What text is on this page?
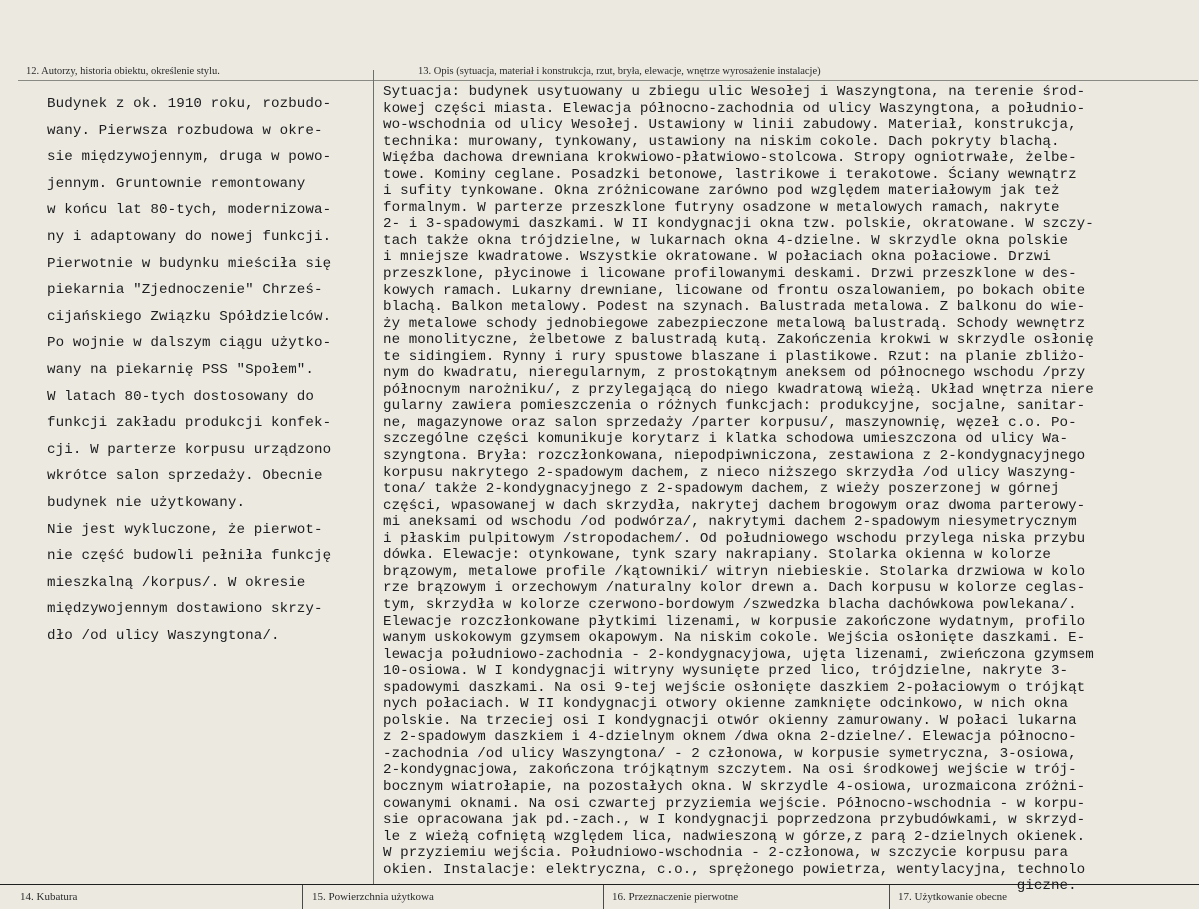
12. Autorzy, historia obiektu, określenie stylu.	13. Opis (sytuacja, materiał i konstrukcja, rzut, bryła, elewacje, wnętrze wyrosażenie instalacje)
Budynek z ok. 1910 roku, rozbudo-
wany. Pierwsza rozbudowa w okre-
sie międzywojennym, druga w powo-
jennym. Gruntownie remontowany
w końcu lat 80-tych, modernizowa-
ny i adaptowany do nowej funkcji.
Pierwotnie w budynku mieściła się
piekarnia "Zjednoczenie" Chrześ-
cijańskiego Związku Spółdzielców.
Po wojnie w dalszym ciągu użytko-
wany na piekarnię PSS "Społem".
W latach 80-tych dostosowany do
funkcji zakładu produkcji konfek-
cji. W parterze korpusu urządzono
wkrótce salon sprzedaży. Obecnie
budynek nie użytkowany.
Nie jest wykluczone, że pierwot-
nie część budowli pełniła funkcję
mieszkalną /korpus/. W okresie
międzywojennym dostawiono skrzy-
dło /od ulicy Waszyngtona/.
Sytuacja: budynek usytuowany u zbiegu ulic Wesołej i Waszyngtona, na terenie środ-
kowej części miasta. Elewacja północno-zachodnia od ulicy Waszyngtona, a południo-
wo-wschodnia od ulicy Wesołej. Ustawiony w linii zabudowy. Materiał, konstrukcja,
technika: murowany, tynkowany, ustawiony na niskim cokole. Dach pokryty blachą.
Więźba dachowa drewniana krokwiowo-płatwiowo-stolcowa. Stropy ogniotrwałe, żelbe-
towe. Kominy ceglane. Posadzki betonowe, lastrikowe i terakotowe. Ściany wewnątrz
i sufity tynkowane. Okna zróżnicowane zarówno pod względem materiałowym jak też
formalnym. W parterze przeszklone futryny osadzone w metalowych ramach, nakryte
2- i 3-spadowymi daszkami. W II kondygnacji okna tzw. polskie, okratowane. W szczy-
tach także okna trójdzielne, w lukarnach okna 4-dzielne. W skrzydle okna polskie
i mniejsze kwadratowe. Wszystkie okratowane. W połaciach okna połaciowe. Drzwi
przeszklone, płycinowe i licowane profilowanymi deskami. Drzwi przeszklone w des-
kowych ramach. Lukarny drewniane, licowane od frontu oszalowaniem, po bokach obite
blachą. Balkon metalowy. Podest na szynach. Balustrada metalowa. Z balkonu do wie-
ży metalowe schody jednobiegowe zabezpieczone metalową balustradą. Schody wewnętrz
ne monolityczne, żelbetowe z balustradą kutą. Zakończenia krokwi w skrzydle osłonię
te sidingiem. Rynny i rury spustowe blaszane i plastikowe. Rzut: na planie zbliżo-
nym do kwadratu, nieregularnym, z prostokątnym aneksem od północnego wschodu /przy
północnym narożniku/, z przylegającą do niego kwadratową wieżą. Układ wnętrza niere
gularny zawiera pomieszczenia o różnych funkcjach: produkcyjne, socjalne, sanitar-
ne, magazynowe oraz salon sprzedaży /parter korpusu/, maszynownię, węzeł c.o. Po-
szczególne części komunikuje korytarz i klatka schodowa umieszczona od ulicy Wa-
szyngtona. Bryła: rozczłonkowana, niepodpiwniczona, zestawiona z 2-kondygnacyjnego
korpusu nakrytego 2-spadowym dachem, z nieco niższego skrzydła /od ulicy Waszyng-
tona/ także 2-kondygnacyjnego z 2-spadowym dachem, z wieży poszerzonej w górnej
części, wpasowanej w dach skrzydła, nakrytej dachem brogowym oraz dwoma parterowy-
mi aneksami od wschodu /od podwórza/, nakrytymi dachem 2-spadowym niesymetrycznym
i płaskim pulpitowym /stropodachem/. Od południowego wschodu przylega niska przybu
dówka. Elewacje: otynkowane, tynk szary nakrapiany. Stolarka okienna w kolorze
brązowym, metalowe profile /kątowniki/ witryn niebieskie. Stolarka drzwiowa w kolo
rze brązowym i orzechowym /naturalny kolor drewn a. Dach korpusu w kolorze ceglas-
tym, skrzydła w kolorze czerwono-bordowym /szwedzka blacha dachówkowa powlekana/.
Elewacje rozczłonkowane płytkimi lizenami, w korpusie zakończone wydatnym, profilo
wanym uskokowym gzymsem okapowym. Na niskim cokole. Wejścia osłonięte daszkami. E-
lewacja południowo-zachodnia - 2-kondygnacyjowa, ujęta lizenami, zwieńczona gzymsem
10-osiowa. W I kondygnacji witryny wysunięte przed lico, trójdzielne, nakryte 3-
spadowymi daszkami. Na osi 9-tej wejście osłonięte daszkiem 2-połaciowym o trójkąt
nych połaciach. W II kondygnacji otwory okienne zamknięte odcinkowo, w nich okna
polskie. Na trzeciej osi I kondygnacji otwór okienny zamurowany. W połaci lukarna
z 2-spadowym daszkiem i 4-dzielnym oknem /dwa okna 2-dzielne/. Elewacja północno-
-zachodnia /od ulicy Waszyngtona/ - 2 członowa, w korpusie symetryczna, 3-osiowa,
2-kondygnacjowa, zakończona trójkątnym szczytem. Na osi środkowej wejście w trój-
bocznym wiatrołapie, na pozostałych okna. W skrzydle 4-osiowa, urozmaicona zróżni-
cowanymi oknami. Na osi czwartej przyziemia wejście. Północno-wschodnia - w korpu-
sie opracowana jak pd.-zach., w I kondygnacji poprzedzona przybudówkami, w skrzyd-
le z wieżą cofniętą względem lica, nadwieszoną w górze,z parą 2-dzielnych okienek.
W przyziemiu wejścia. Południowo-wschodnia - 2-członowa, w szczycie korpusu para
okien. Instalacje: elektryczna, c.o., sprężonego powietrza, wentylacyjna, technolo
giczne.
14. Kubatura	15. Powierzchnia użytkowa	16. Przeznaczenie pierwotne	17. Użytkowanie obecne
